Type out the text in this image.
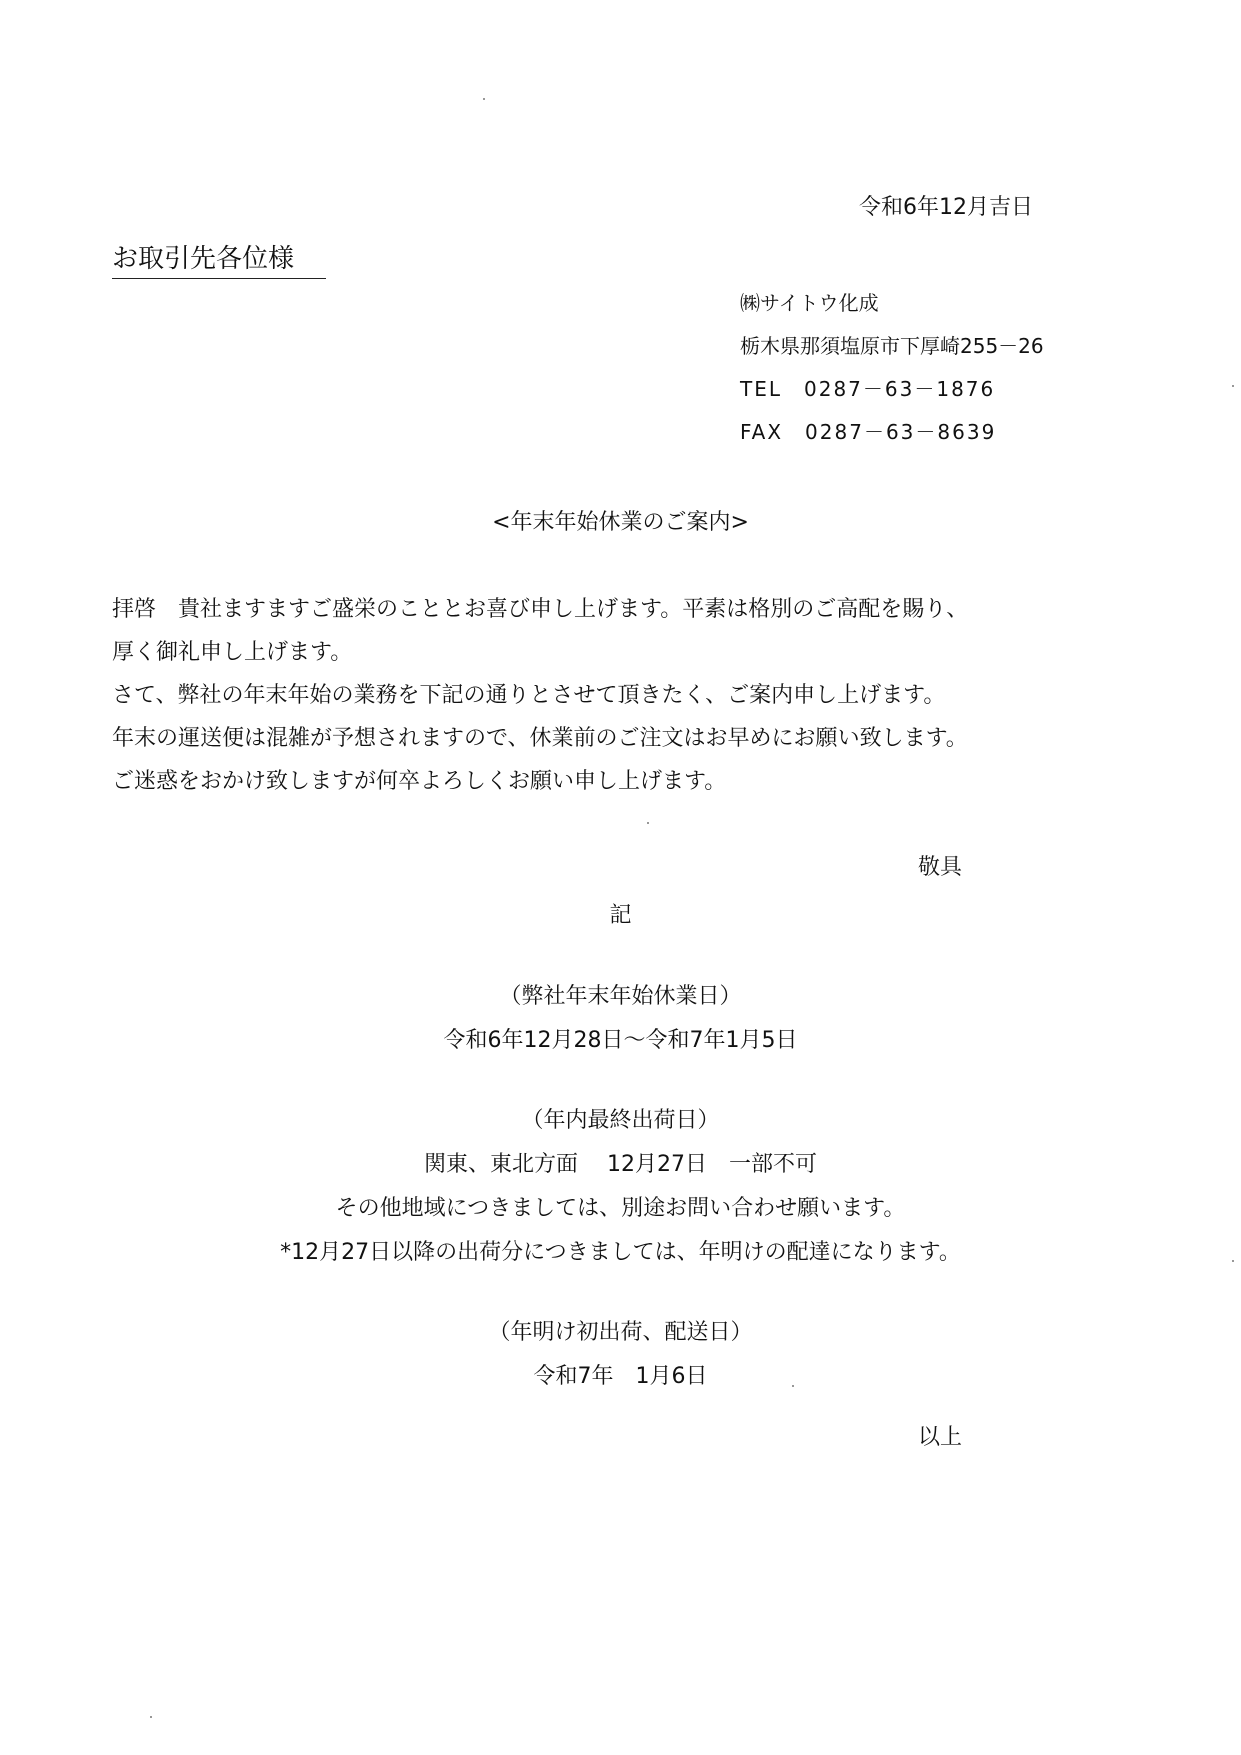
令和6年12月吉日
お取引先各位様
㈱サイトウ化成
栃木県那須塩原市下厚崎255－26
TEL　0287－63－1876
FAX　0287－63－8639
<年末年始休業のご案内>
拝啓　貴社ますますご盛栄のこととお喜び申し上げます。平素は格別のご高配を賜り、
厚く御礼申し上げます。
さて、弊社の年末年始の業務を下記の通りとさせて頂きたく、ご案内申し上げます。
年末の運送便は混雑が予想されますので、休業前のご注文はお早めにお願い致します。
ご迷惑をおかけ致しますが何卒よろしくお願い申し上げます。
敬具
記
（弊社年末年始休業日）
令和6年12月28日～令和7年1月5日
（年内最終出荷日）
関東、東北方面　 12月27日　一部不可
その他地域につきましては、別途お問い合わせ願います。
*12月27日以降の出荷分につきましては、年明けの配達になります。
（年明け初出荷、配送日）
令和7年　1月6日
以上
